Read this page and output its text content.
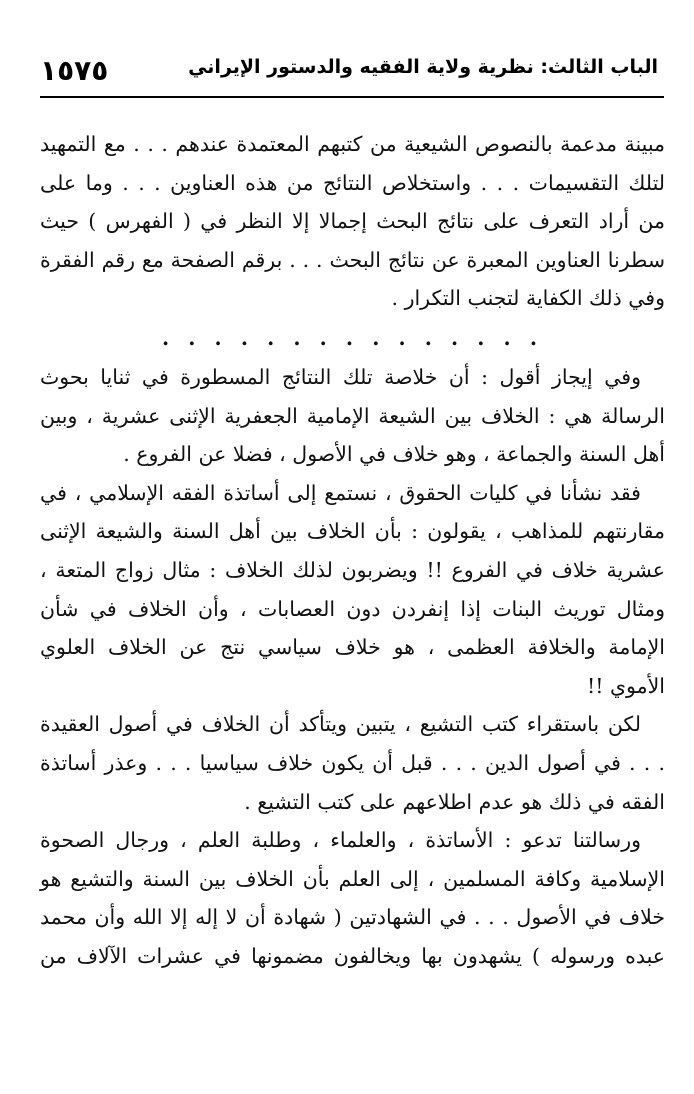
الباب الثالث: نظرية ولاية الفقيه والدستور الإيراني
١٥٧٥
مبينة مدعمة بالنصوص الشيعية من كتبهم المعتمدة عندهم . . . مع التمهيد
لتلك التقسيمات . . . واستخلاص النتائج من هذه العناوين . . . وما على
من أراد التعرف على نتائج البحث إجمالا إلا النظر في ( الفهرس ) حيث
سطرنا العناوين المعبرة عن نتائج البحث . . . برقم الصفحة مع رقم الفقرة
وفي ذلك الكفاية لتجنب التكرار .
. . . . . . . . . . . . . . .
وفي إيجاز أقول : أن خلاصة تلك النتائج المسطورة في ثنايا بحوث
الرسالة هي : الخلاف بين الشيعة الإمامية الجعفرية الإثنى عشرية ، وبين
أهل السنة والجماعة ، وهو خلاف في الأصول ، فضلا عن الفروع .
فقد نشأنا في كليات الحقوق ، نستمع إلى أساتذة الفقه الإسلامي ، في
مقارنتهم للمذاهب ، يقولون : بأن الخلاف بين أهل السنة والشيعة الإثنى
عشرية خلاف في الفروع !! ويضربون لذلك الخلاف : مثال زواج المتعة ،
ومثال توريث البنات إذا إنفردن دون العصابات ، وأن الخلاف في شأن
الإمامة والخلافة العظمى ، هو خلاف سياسي نتج عن الخلاف العلوي
الأموي !!
لكن باستقراء كتب التشيع ، يتبين ويتأكد أن الخلاف في أصول العقيدة
. . . في أصول الدين . . . قبل أن يكون خلاف سياسيا . . . وعذر أساتذة
الفقه في ذلك هو عدم اطلاعهم على كتب التشيع .
ورسالتنا تدعو : الأساتذة ، والعلماء ، وطلبة العلم ، ورجال الصحوة
الإسلامية وكافة المسلمين ، إلى العلم بأن الخلاف بين السنة والتشيع هو
خلاف في الأصول . . . في الشهادتين ( شهادة أن لا إله إلا الله وأن محمد
عبده ورسوله ) يشهدون بها ويخالفون مضمونها في عشرات الآلاف من
